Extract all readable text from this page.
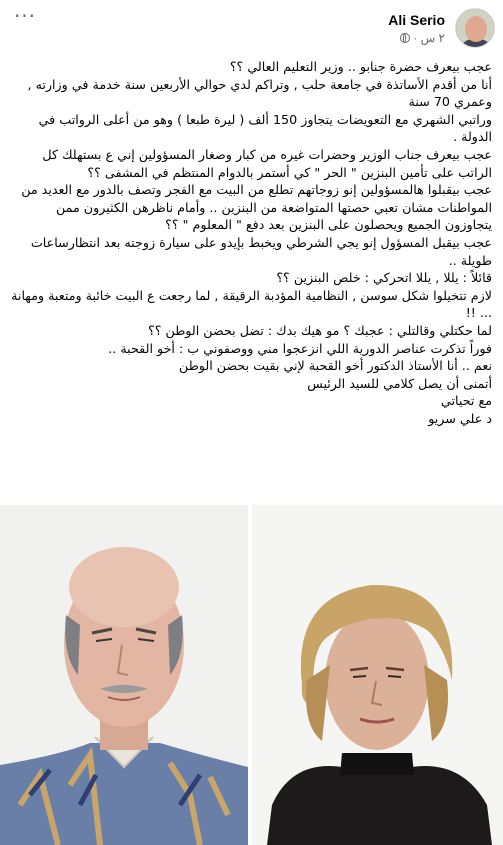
···	Ali Serio
٢ س ·

عجب بيعرف حضرة جنابو .. وزير التعليم العالي ؟؟

أنا من أقدم الأساتذة في جامعة حلب , وتراكم لدي حوالي الأربعين سنة خدمة في وزارته , وعمري 70 سنة

وراتبي الشهري مع التعويضات يتجاوز 150 ألف ( ليرة طبعا ) وهو من أعلى الرواتب في الدولة .

عجب بيعرف جناب الوزير وحضرات غيره من كبار وصغار المسؤولين إني ع بستهلك كل الراتب على تأمين البنزين " الحر " كي أستمر بالدوام المنتظم في المشفى ؟؟

عجب بيقبلوا هالمسؤولين إنو زوجاتهم تطلع من البيت مع الفجر وتصف بالدور مع العديد من المواطنات مشان تعبي حصتها المتواضعة من البنزين .. وأمام ناظرهن الكثيرون ممن يتجاوزون الجميع ويحصلون على البنزين بعد دفع " المعلوم " ؟؟

عجب بيقبل المسؤول إنو يجي الشرطي ويخبط بإيدو على سيارة زوجته بعد انتظارساعات طويلة ..

قائلاً : يللا , يللا اتحركي : خلص البنزين ؟؟

لازم تتخيلوا شكل سوسن , النظامية المؤدبة الرقيقة , لما رجعت ع البيت خائبة ومتعبة ومهانة ... !!

لما حكتلي وقالتلي : عجبك ؟ مو هيك بدك : تضل بحضن الوطن ؟؟

فوراً تذكرت عناصر الدورية اللي انزعجوا مني ووصفوني ب : أخو القحبة ..

نعم .. أنا الأستاذ الدكتور أخو القحبة لإني بقيت بحضن الوطن

أتمنى أن يصل كلامي للسيد الرئيس

مع تحياتي

د علي سريو
